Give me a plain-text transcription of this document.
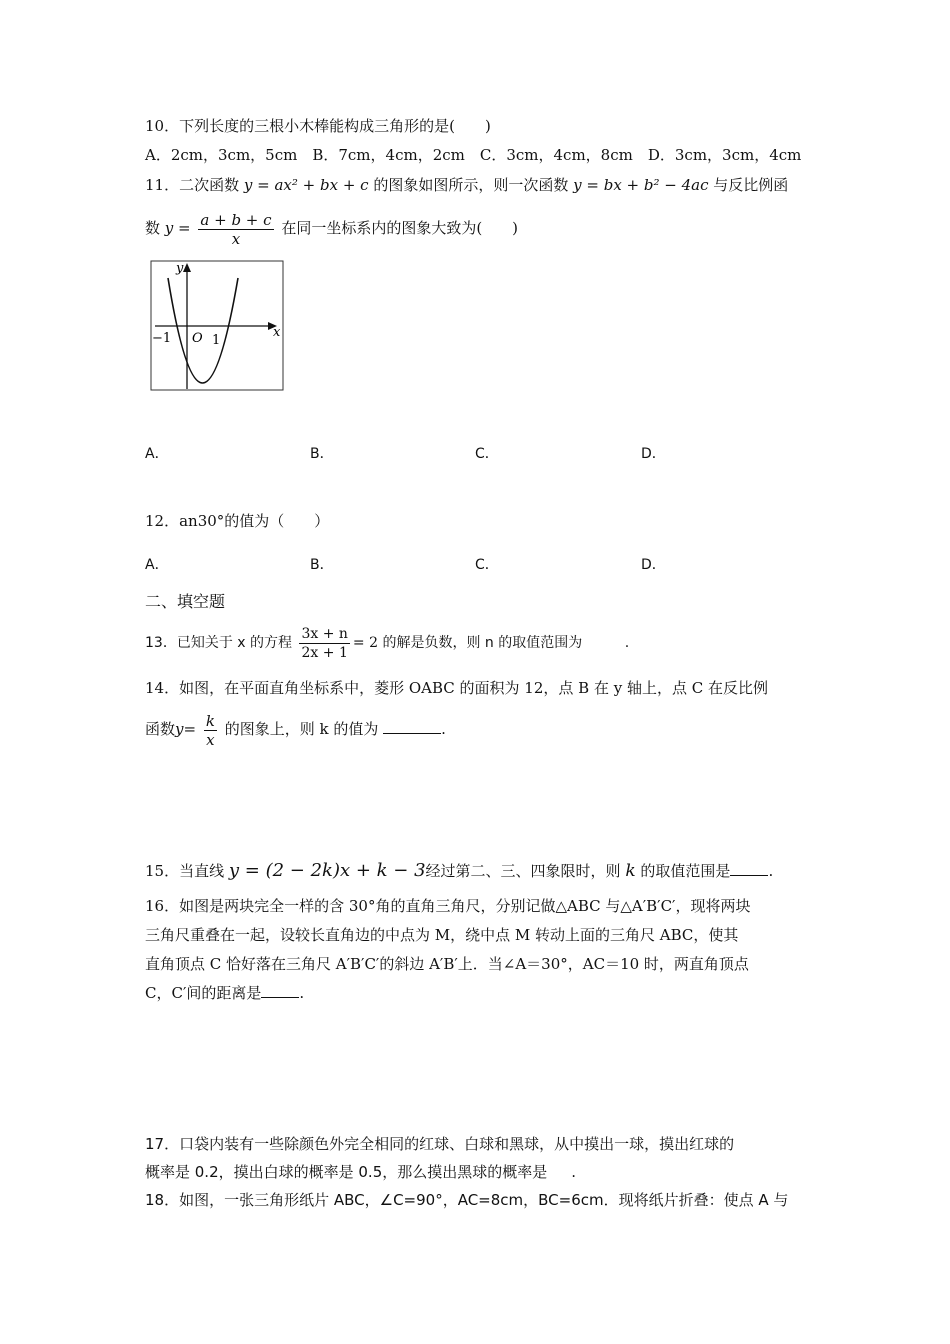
10．下列长度的三根小木棒能构成三角形的是(　　)
A．2cm，3cm，5cm　B．7cm，4cm，2cm　C．3cm，4cm，8cm　D．3cm，3cm，4cm
11．二次函数 y = ax² + bx + c 的图象如图所示，则一次函数 y = bx + b² − 4ac 与反比例函
数 $y = \frac{a + b + c}{x}$ 在同一坐标系内的图象大致为(　　)
y
x
−1 O 1
A．	B．	C．	D．
12．an30°的值为（　　）
A．	B．	C．	D．
二、填空题
13．已知关于 x 的方程 $\frac{3x + n}{2x + 1} = 2$ 的解是负数，则 n 的取值范围为	.
14．如图，在平面直角坐标系中，菱形 OABC 的面积为 12，点 B 在 y 轴上，点 C 在反比例
函数$y= \frac{k}{x}$ 的图象上，则 k 的值为	.
15．当直线 y = (2 − 2k)x + k − 3经过第二、三、四象限时，则 k 的取值范围是	.
16．如图是两块完全一样的含 30°角的直角三角尺，分别记做△ABC 与△A′B′C′，现将两块
三角尺重叠在一起，设较长直角边的中点为 M，绕中点 M 转动上面的三角尺 ABC，使其
直角顶点 C 恰好落在三角尺 A′B′C′的斜边 A′B′上．当∠A＝30°，AC＝10 时，两直角顶点
C，C′间的距离是	.
17．口袋内装有一些除颜色外完全相同的红球、白球和黑球，从中摸出一球，摸出红球的
概率是 0.2，摸出白球的概率是 0.5，那么摸出黑球的概率是 .
18．如图，一张三角形纸片 ABC，∠C=90°，AC=8cm，BC=6cm．现将纸片折叠：使点 A 与
